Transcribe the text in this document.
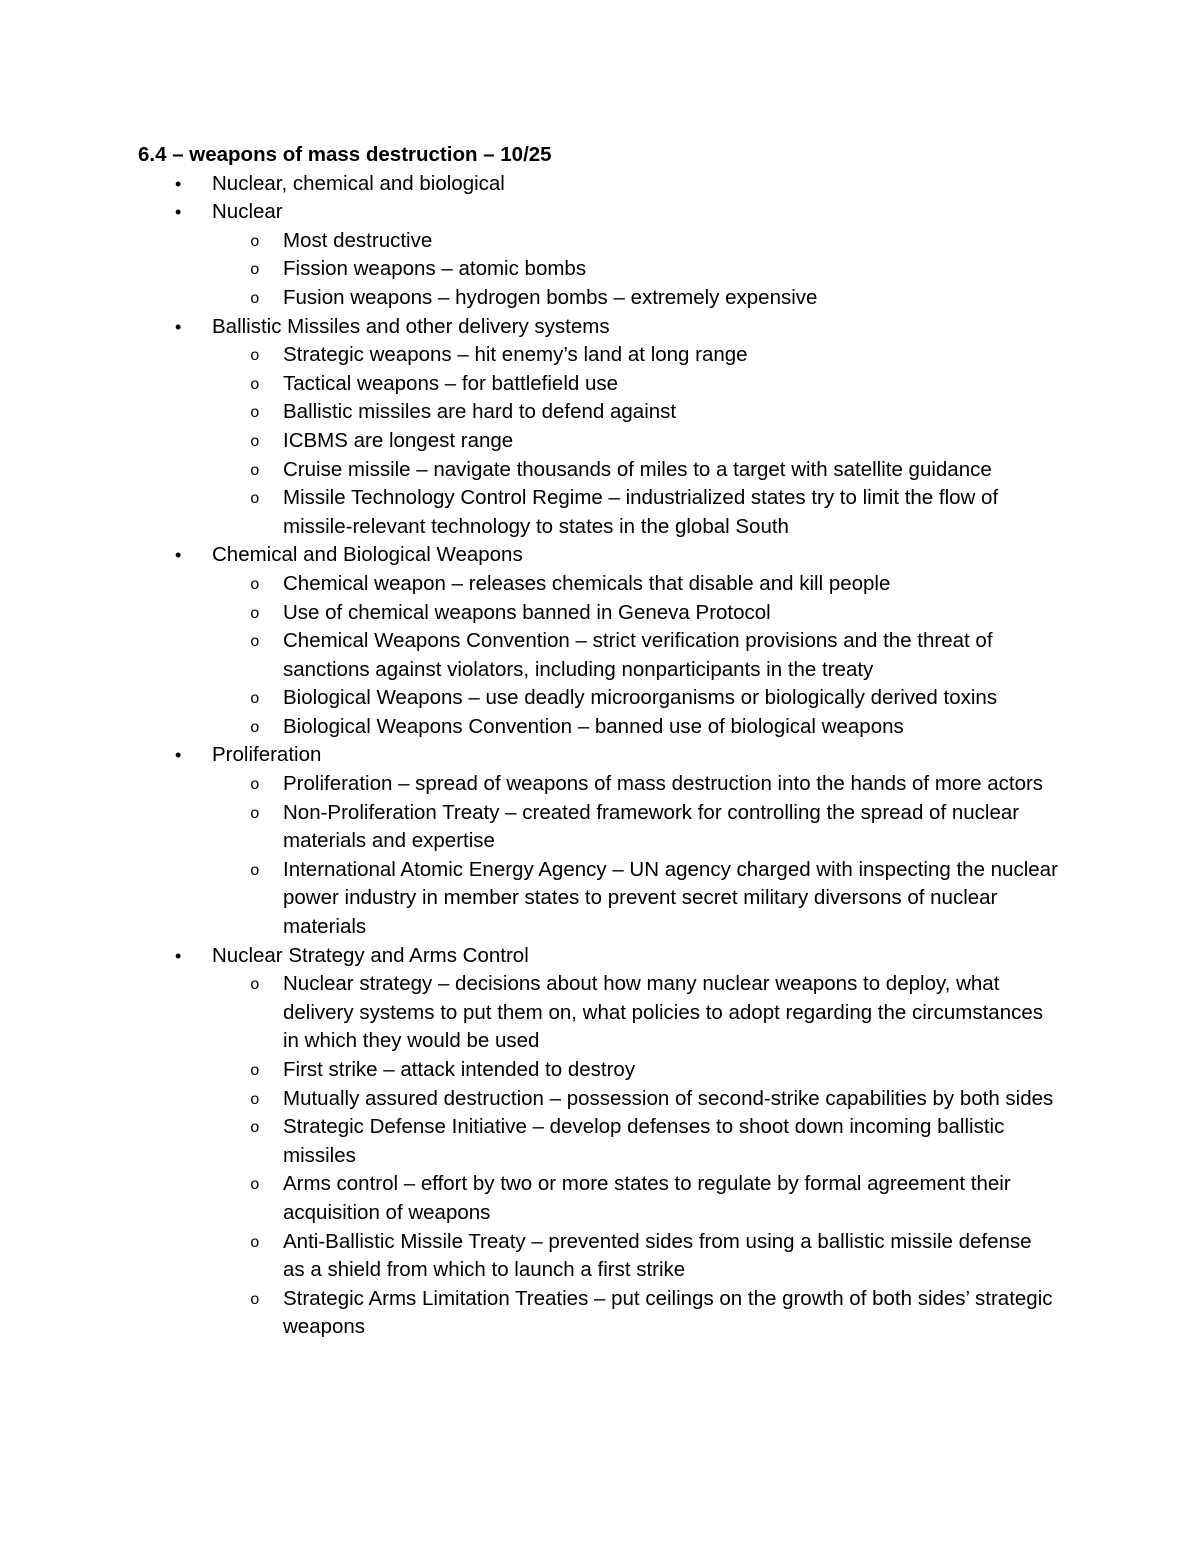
6.4 – weapons of mass destruction – 10/25
• Nuclear, chemical and biological
• Nuclear
o Most destructive
o Fission weapons – atomic bombs
o Fusion weapons – hydrogen bombs – extremely expensive
• Ballistic Missiles and other delivery systems
o Strategic weapons – hit enemy’s land at long range
o Tactical weapons – for battlefield use
o Ballistic missiles are hard to defend against
o ICBMS are longest range
o Cruise missile – navigate thousands of miles to a target with satellite guidance
o Missile Technology Control Regime – industrialized states try to limit the flow of missile-relevant technology to states in the global South
• Chemical and Biological Weapons
o Chemical weapon – releases chemicals that disable and kill people
o Use of chemical weapons banned in Geneva Protocol
o Chemical Weapons Convention – strict verification provisions and the threat of sanctions against violators, including nonparticipants in the treaty
o Biological Weapons – use deadly microorganisms or biologically derived toxins
o Biological Weapons Convention – banned use of biological weapons
• Proliferation
o Proliferation – spread of weapons of mass destruction into the hands of more actors
o Non-Proliferation Treaty – created framework for controlling the spread of nuclear materials and expertise
o International Atomic Energy Agency – UN agency charged with inspecting the nuclear power industry in member states to prevent secret military diversons of nuclear materials
• Nuclear Strategy and Arms Control
o Nuclear strategy – decisions about how many nuclear weapons to deploy, what delivery systems to put them on, what policies to adopt regarding the circumstances in which they would be used
o First strike – attack intended to destroy
o Mutually assured destruction – possession of second-strike capabilities by both sides
o Strategic Defense Initiative – develop defenses to shoot down incoming ballistic missiles
o Arms control – effort by two or more states to regulate by formal agreement their acquisition of weapons
o Anti-Ballistic Missile Treaty – prevented sides from using a ballistic missile defense as a shield from which to launch a first strike
o Strategic Arms Limitation Treaties – put ceilings on the growth of both sides’ strategic weapons
